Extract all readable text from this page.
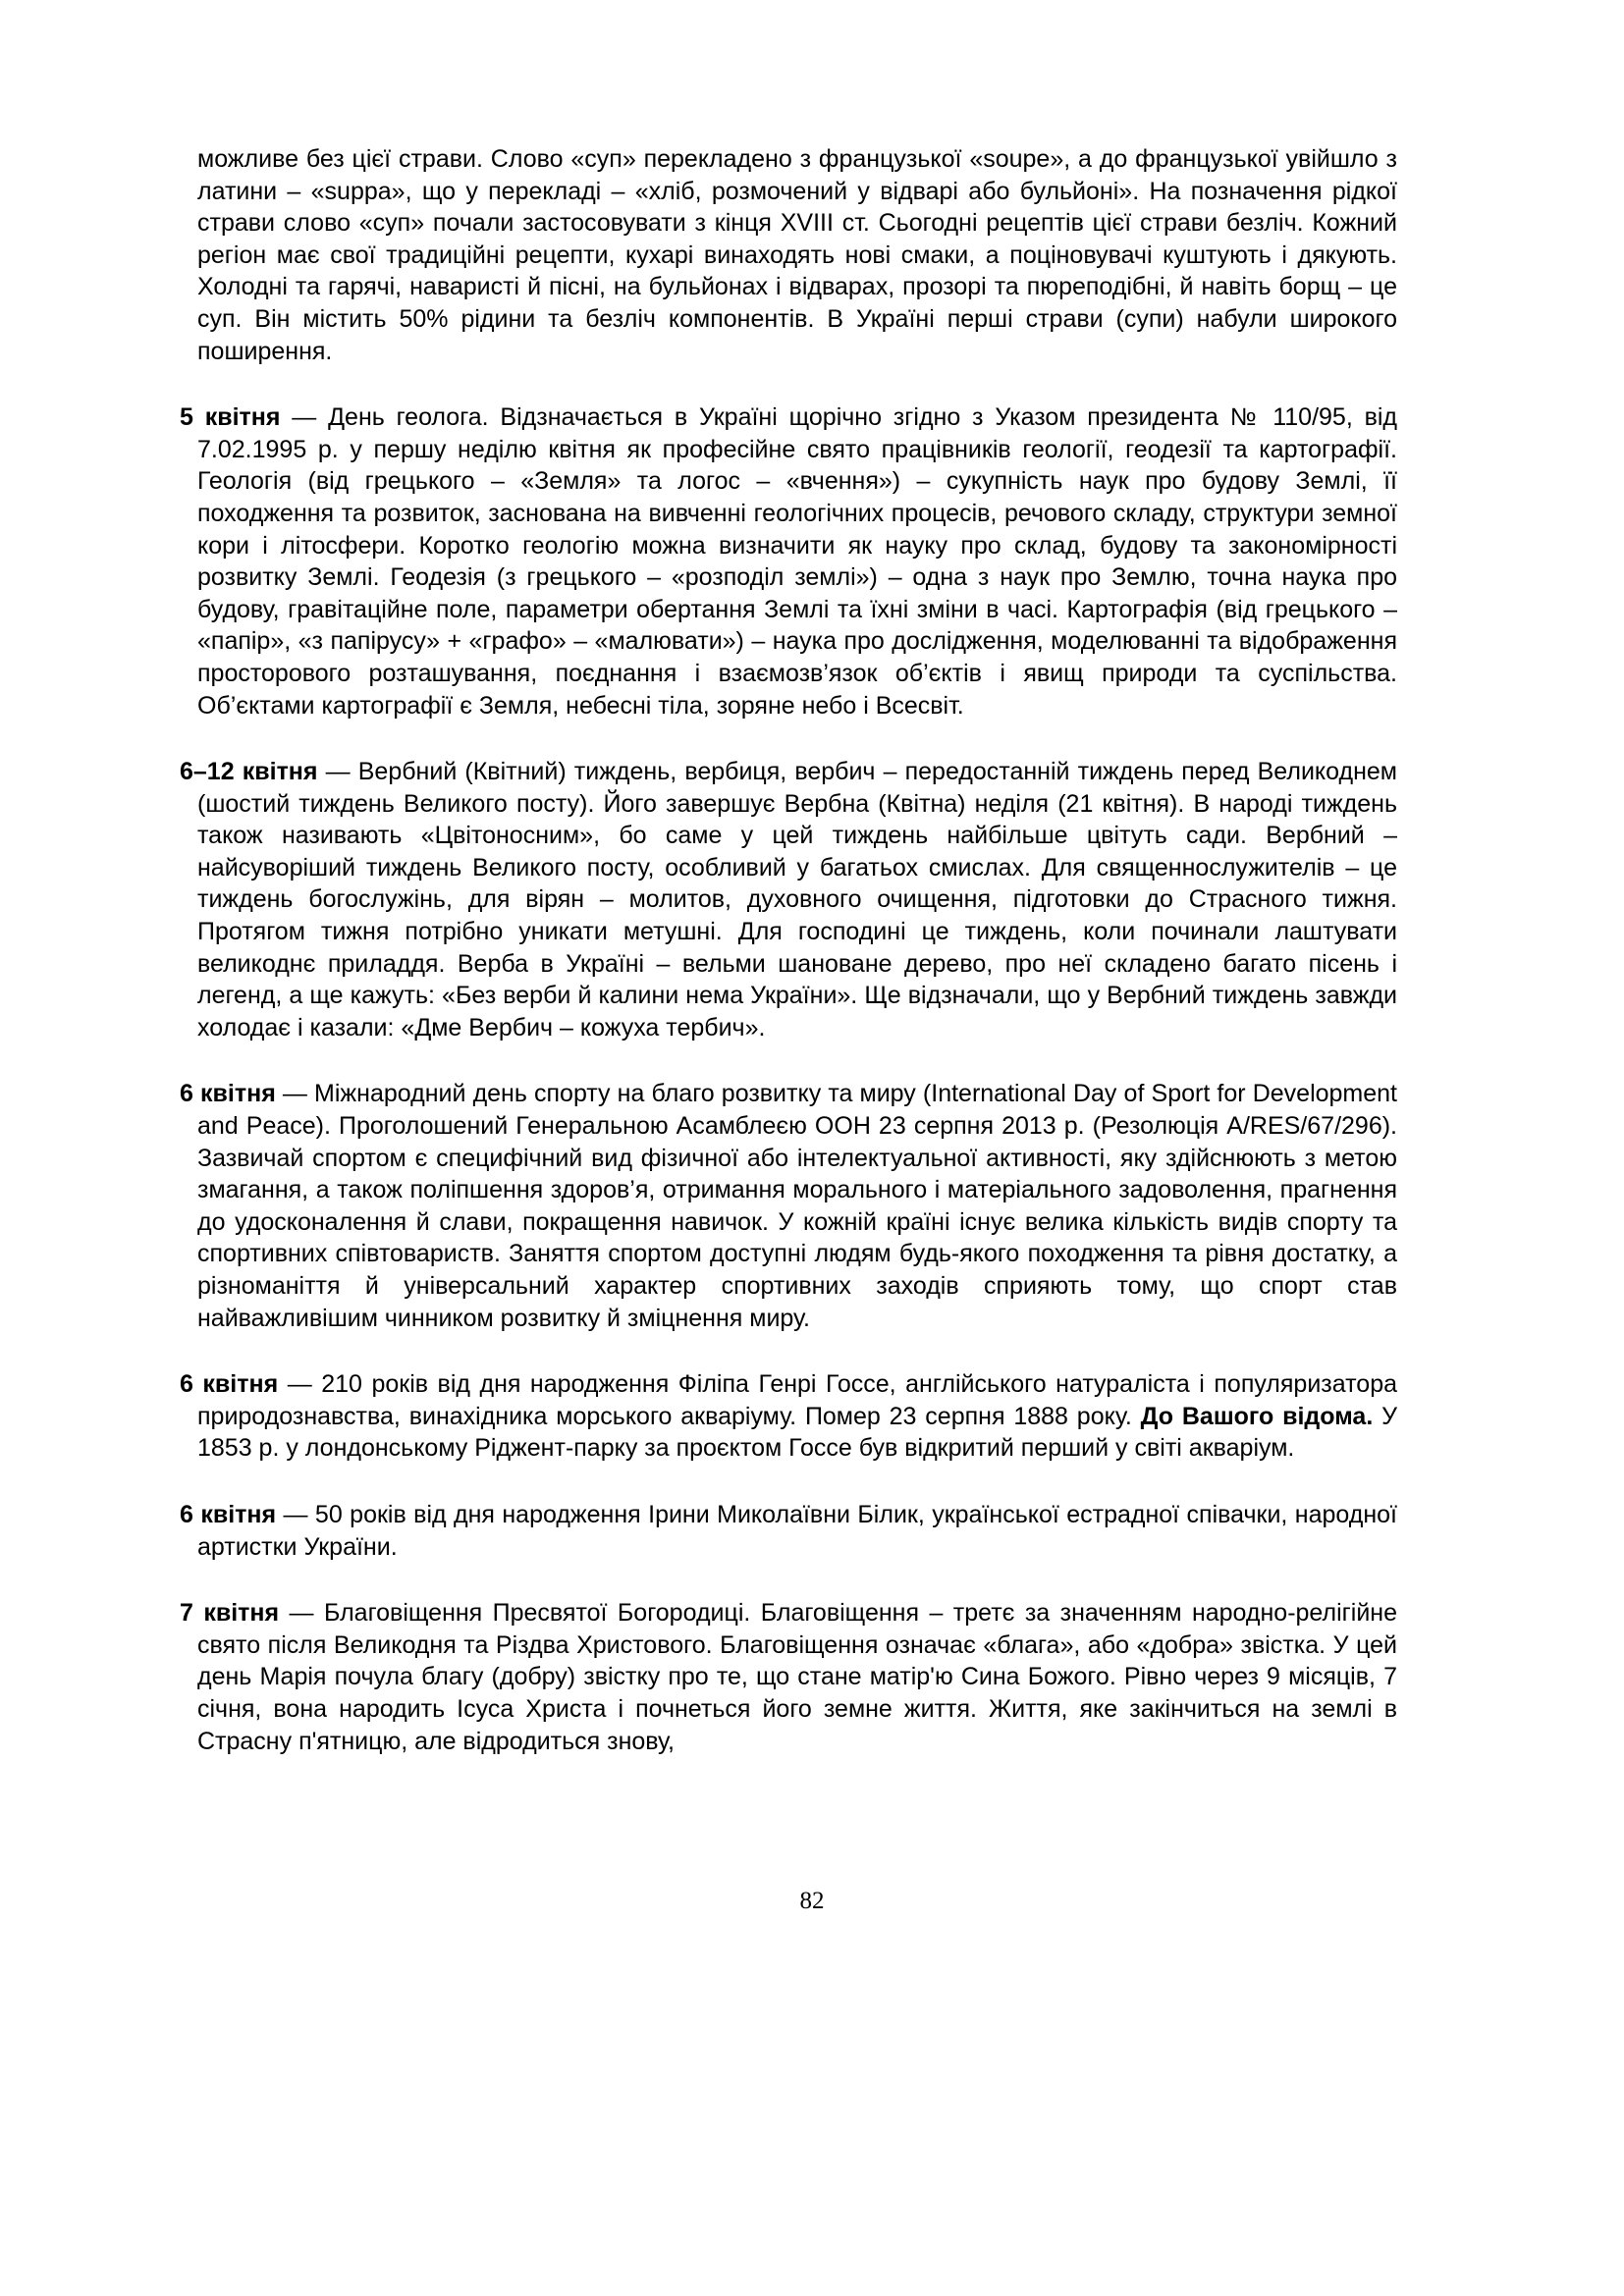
можливе без цієї страви. Слово «суп» перекладено з французької «soupe», а до французької увійшло з латини – «suppa», що у перекладі – «хліб, розмочений у відварі або бульйоні». На позначення рідкої страви слово «суп» почали застосовувати з кінця XVIII ст. Сьогодні рецептів цієї страви безліч. Кожний регіон має свої традиційні рецепти, кухарі винаходять нові смаки, а поціновувачі куштують і дякують. Холодні та гарячі, наваристі й пісні, на бульйонах і відварах, прозорі та пюреподібні, й навіть борщ – це суп. Він містить 50% рідини та безліч компонентів. В Україні перші страви (супи) набули широкого поширення.

5 квітня — День геолога. Відзначається в Україні щорічно згідно з Указом президента № 110/95, від 7.02.1995 р. у першу неділю квітня як професійне свято працівників геології, геодезії та картографії. Геологія (від грецького – «Земля» та логос – «вчення») – сукупність наук про будову Землі, її походження та розвиток, заснована на вивченні геологічних процесів, речового складу, структури земної кори і літосфери. Коротко геологію можна визначити як науку про склад, будову та закономірності розвитку Землі. Геодезія (з грецького – «розподіл землі») – одна з наук про Землю, точна наука про будову, гравітаційне поле, параметри обертання Землі та їхні зміни в часі. Картографія (від грецького – «папір», «з папірусу» + «графо» – «малювати») – наука про дослідження, моделюванні та відображення просторового розташування, поєднання і взаємозв’язок об’єктів і явищ природи та суспільства. Об’єктами картографії є Земля, небесні тіла, зоряне небо і Всесвіт.

6–12 квітня — Вербний (Квітний) тиждень, вербиця, вербич – передостанній тиждень перед Великоднем (шостий тиждень Великого посту). Його завершує Вербна (Квітна) неділя (21 квітня). В народі тиждень також називають «Цвітоносним», бо саме у цей тиждень найбільше цвітуть сади. Вербний – найсуворіший тиждень Великого посту, особливий у багатьох смислах. Для священнослужителів – це тиждень богослужінь, для вірян – молитов, духовного очищення, підготовки до Страсного тижня. Протягом тижня потрібно уникати метушні. Для господині це тиждень, коли починали лаштувати великоднє приладдя. Верба в Україні – вельми шановане дерево, про неї складено багато пісень і легенд, а ще кажуть: «Без верби й калини нема України». Ще відзначали, що у Вербний тиждень завжди холодає і казали: «Дме Вербич – кожуха тербич».

6 квітня — Міжнародний день спорту на благо розвитку та миру (International Day of Sport for Development and Peace). Проголошений Генеральною Асамблеєю ООН 23 серпня 2013 р. (Резолюція A/RES/67/296). Зазвичай спортом є специфічний вид фізичної або інтелектуальної активності, яку здійснюють з метою змагання, а також поліпшення здоров’я, отримання морального і матеріального задоволення, прагнення до удосконалення й слави, покращення навичок. У кожній країні існує велика кількість видів спорту та спортивних співтовариств. Заняття спортом доступні людям будь-якого походження та рівня достатку, а різноманіття й універсальний характер спортивних заходів сприяють тому, що спорт став найважливішим чинником розвитку й зміцнення миру.

6 квітня — 210 років від дня народження Філіпа Генрі Госсе, англійського натураліста і популяризатора природознавства, винахідника морського акваріуму. Помер 23 серпня 1888 року. До Вашого відома. У 1853 р. у лондонському Ріджент-парку за проєктом Госсе був відкритий перший у світі акваріум.

6 квітня — 50 років від дня народження Ірини Миколаївни Білик, української естрадної співачки, народної артистки України.

7 квітня — Благовіщення Пресвятої Богородиці. Благовіщення – третє за значенням народно-релігійне свято після Великодня та Різдва Христового. Благовіщення означає «блага», або «добра» звістка. У цей день Марія почула благу (добру) звістку про те, що стане матір'ю Сина Божого. Рівно через 9 місяців, 7 січня, вона народить Ісуса Христа і почнеться його земне життя. Життя, яке закінчиться на землі в Страсну п'ятницю, але відродиться знову,

82
